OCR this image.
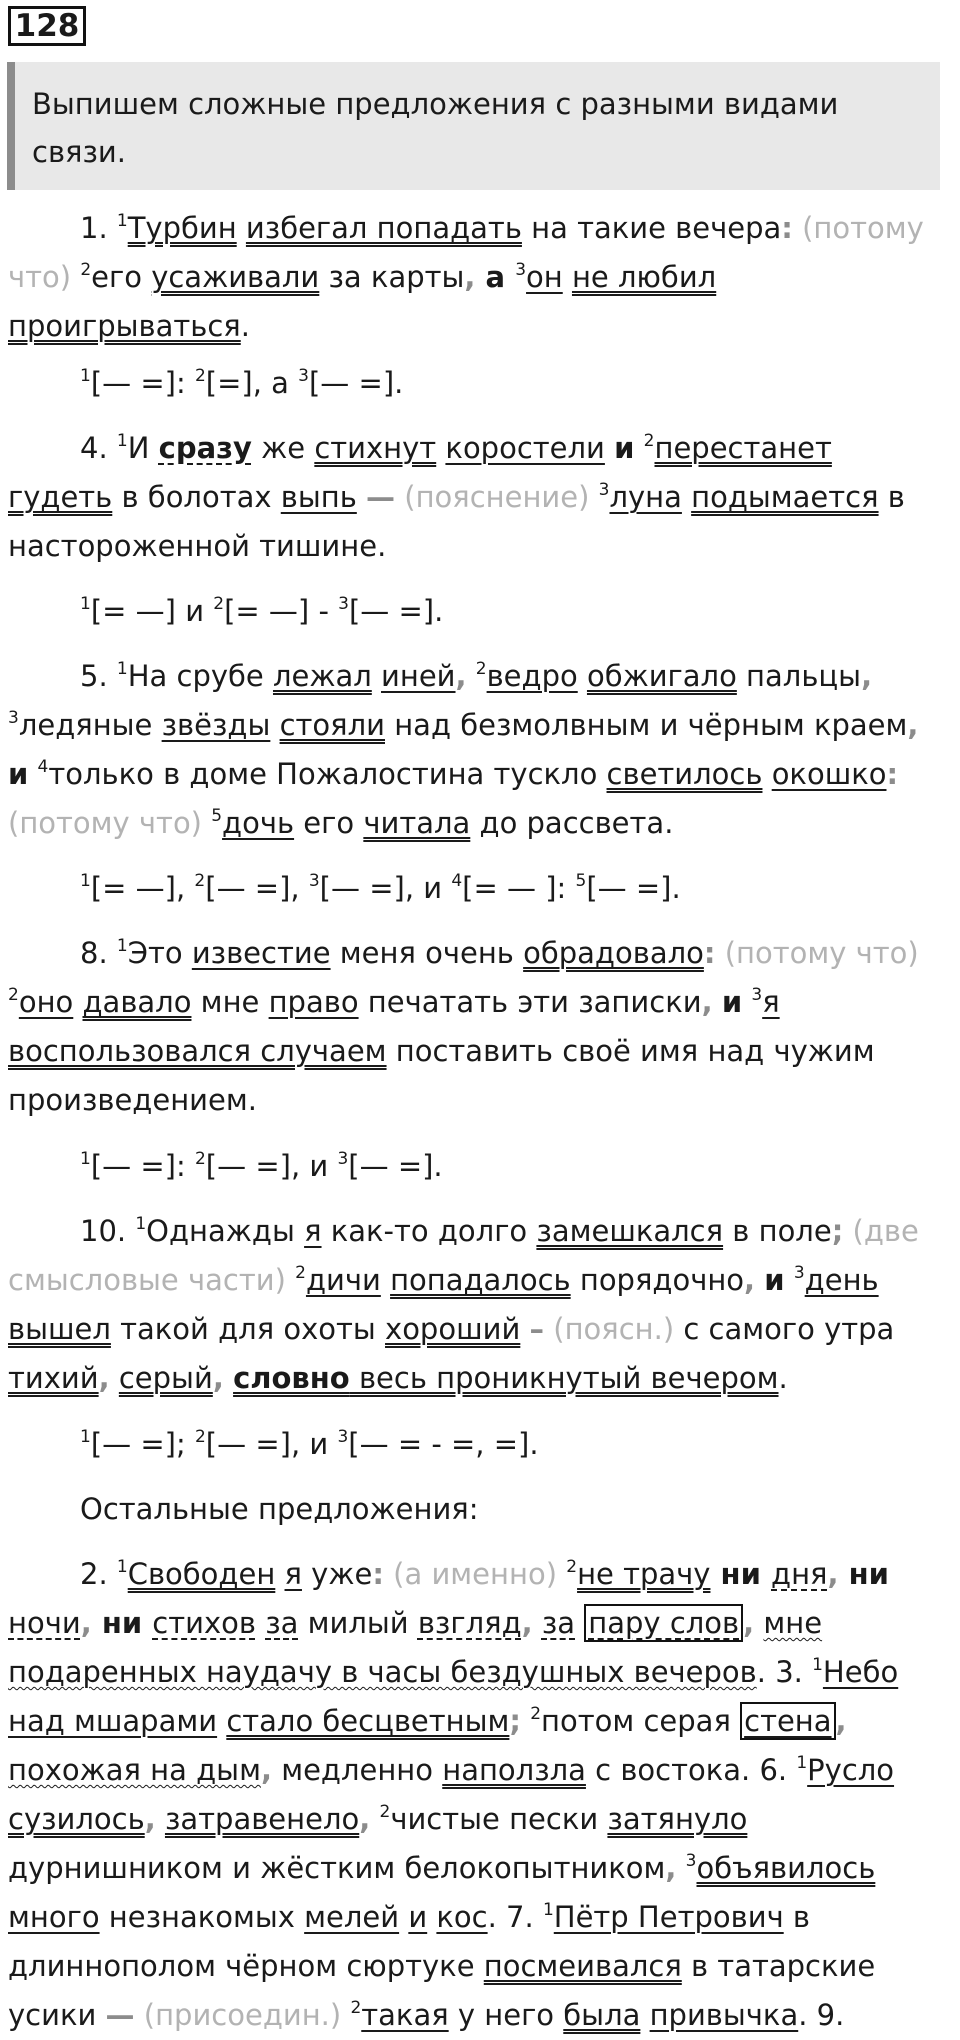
128
Выпишем сложные предложения с разными видами связи.
1. $^1$Турбин избегал попадать на такие вечера: (потому что) $^2$его усаживали за карты, а $^3$он не любил проигрываться.
$^1$[— =]: $^2$[=], а $^3$[— =].
4. $^1$И сразу же стихнут коростели и $^2$перестанет гудеть в болотах выпь — (пояснение) $^3$луна подымается в настороженной тишине.
$^1$[= —] и $^2$[= —] - $^3$[— =].
5. $^1$На срубе лежал иней, $^2$ведро обжигало пальцы, $^3$ледяные звёзды стояли над безмолвным и чёрным краем, и $^4$только в доме Пожалостина тускло светилось окошко: (потому что) $^5$дочь его читала до рассвета.
$^1$[= —], $^2$[— =], $^3$[— =], и $^4$[= — ]: $^5$[— =].
8. $^1$Это известие меня очень обрадовало: (потому что) $^2$оно давало мне право печатать эти записки, и $^3$я воспользовался случаем поставить своё имя над чужим произведением.
$^1$[— =]: $^2$[— =], и $^3$[— =].
10. $^1$Однажды я как-то долго замешкался в поле; (две смысловые части) $^2$дичи попадалось порядочно, и $^3$день вышел такой для охоты хороший – (поясн.) с самого утра тихий, серый, словно весь проникнутый вечером.
$^1$[— =]; $^2$[— =], и $^3$[— = - =, =].
Остальные предложения:
2. $^1$Свободен я уже: (а именно) $^2$не трачу ни дня, ни ночи, ни стихов за милый взгляд, за пару слов , мне подаренных наудачу в часы бездушных вечеров. 3. $^1$Небо над мшарами стало бесцветным; $^2$потом серая стена , похожая на дым, медленно наползла с востока. 6. $^1$Русло сузилось, затравенело, $^2$чистые пески затянуло дурнишником и жёстким белокопытником, $^3$объявилось много незнакомых мелей и кос. 7. $^1$Пётр Петрович в длиннополом чёрном сюртуке посмеивался в татарские усики — (присоедин.) $^2$такая у него была привычка. 9.
